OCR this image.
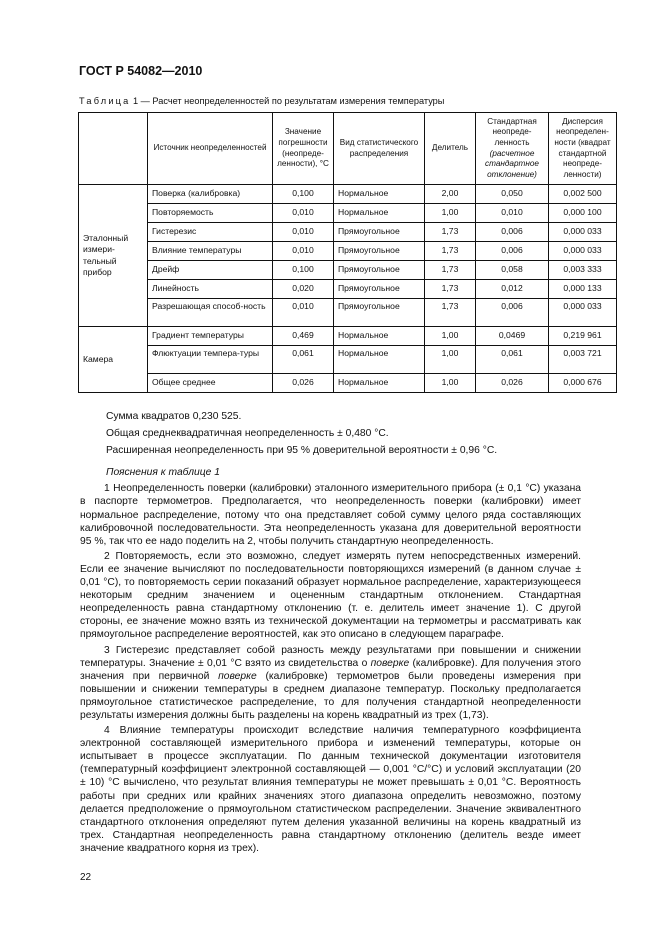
ГОСТ Р 54082—2010
Таблица 1 — Расчет неопределенностей по результатам измерения температуры
	Источник неопределенностей	Значение погрешности (неопреде-ленности), °С	Вид статистического распределения	Делитель	Стандартная неопреде-ленность (расчетное стандартное отклонение)	Дисперсия неопределен-ности (квадрат стандартной неопреде-ленности)
Эталонный измери-тельный прибор	Поверка (калибровка)	0,100	Нормальное	2,00	0,050	0,002 500
	Повторяемость	0,010	Нормальное	1,00	0,010	0,000 100
	Гистерезис	0,010	Прямоугольное	1,73	0,006	0,000 033
	Влияние температуры	0,010	Прямоугольное	1,73	0,006	0,000 033
	Дрейф	0,100	Прямоугольное	1,73	0,058	0,003 333
	Линейность	0,020	Прямоугольное	1,73	0,012	0,000 133
	Разрешающая способ-ность	0,010	Прямоугольное	1,73	0,006	0,000 033
Камера	Градиент температуры	0,469	Нормальное	1,00	0,0469	0,219 961
	Флюктуации темпера-туры	0,061	Нормальное	1,00	0,061	0,003 721
	Общее среднее	0,026	Нормальное	1,00	0,026	0,000 676

Сумма квадратов 0,230 525.

Общая среднеквадратичная неопределенность ± 0,480 °С.

Расширенная неопределенность при 95 % доверительной вероятности ± 0,96 °С.

Пояснения к таблице 1

1 Неопределенность поверки (калибровки) эталонного измерительного прибора (± 0,1 °С) указана в паспорте термометров. Предполагается, что неопределенность поверки (калибровки) имеет нормальное распределение, потому что она представляет собой сумму целого ряда составляющих калибровочной последовательности. Эта неопределенность указана для доверительной вероятности 95 %, так что ее надо поделить на 2, чтобы получить стандартную неопределенность.

2 Повторяемость, если это возможно, следует измерять путем непосредственных измерений. Если ее значение вычисляют по последовательности повторяющихся измерений (в данном случае ± 0,01 °С), то повторяемость серии показаний образует нормальное распределение, характеризующееся некоторым средним значением и оцененным стандартным отклонением. Стандартная неопределенность равна стандартному отклонению (т. е. делитель имеет значение 1). С другой стороны, ее значение можно взять из технической документации на термометры и рассматривать как прямоугольное распределение вероятностей, как это описано в следующем параграфе.

3 Гистерезис представляет собой разность между результатами при повышении и снижении температуры. Значение ± 0,01 °С взято из свидетельства о поверке (калибровке). Для получения этого значения при первичной поверке (калибровке) термометров были проведены измерения при повышении и снижении температуры в среднем диапазоне температур. Поскольку предполагается прямоугольное статистическое распределение, то для получения стандартной неопределенности результаты измерения должны быть разделены на корень квадратный из трех (1,73).

4 Влияние температуры происходит вследствие наличия температурного коэффициента электронной составляющей измерительного прибора и изменений температуры, которые он испытывает в процессе эксплуатации. По данным технической документации изготовителя (температурный коэффициент электронной составляющей — 0,001 °С/°С) и условий эксплуатации (20 ± 10) °С вычислено, что результат влияния температуры не может превышать ± 0,01 °С. Вероятность работы при средних или крайних значениях этого диапазона определить невозможно, поэтому делается предположение о прямоугольном статистическом распределении. Значение эквивалентного стандартного отклонения определяют путем деления указанной величины на корень квадратный из трех. Стандартная неопределенность равна стандартному отклонению (делитель везде имеет значение квадратного корня из трех).

22
